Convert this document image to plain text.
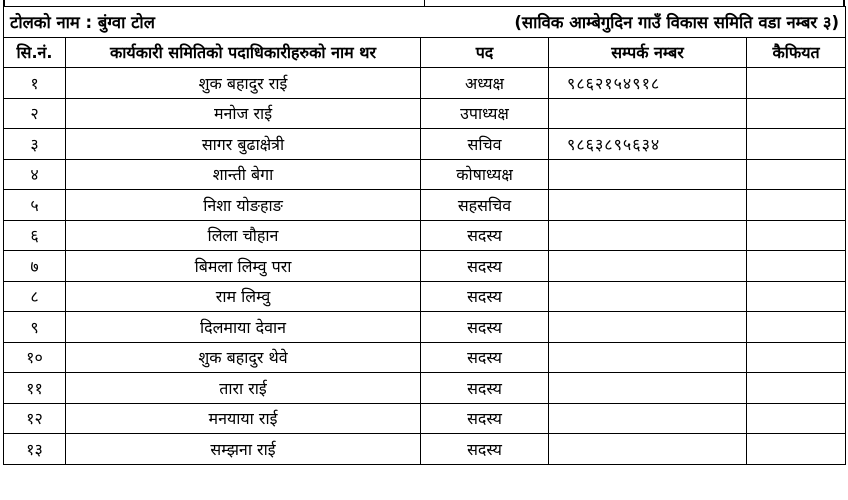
टोलको नाम : बुंग्वा टोल		(साविक आम्बेगुदिन गाउँ विकास समिति वडा नम्बर ३)		
सि.नं.	कार्यकारी समितिको पदाधिकारीहरुको नाम थर	पद	सम्पर्क नम्बर	कैफियत
१	शुक बहादुर राई	अध्यक्ष	९८६२१५४९१८	
२	मनोज राई	उपाध्यक्ष		
३	सागर बुढाक्षेत्री	सचिव	९८६३८९५६३४	
४	शान्ती बेगा	कोषाध्यक्ष		
५	निशा योङहाङ	सहसचिव		
६	लिला चौहान	सदस्य		
७	बिमला लिम्वु परा	सदस्य		
८	राम लिम्वु	सदस्य		
९	दिलमाया देवान	सदस्य		
१०	शुक बहादुर थेवे	सदस्य		
११	तारा राई	सदस्य		
१२	मनयाया राई	सदस्य		
१३	सम्झना राई	सदस्य		
